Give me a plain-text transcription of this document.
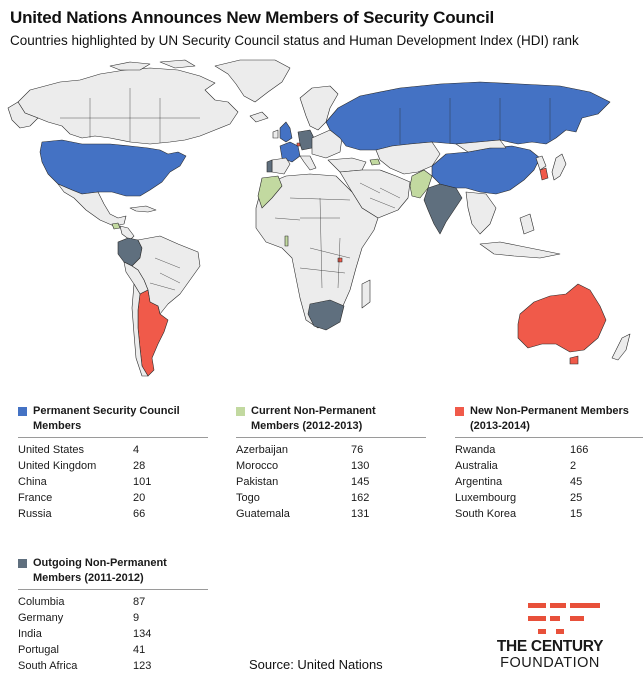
United Nations Announces New Members of Security Council
Countries highlighted by UN Security Council status and Human Development Index (HDI) rank
Permanent Security Council Members
United States	4
United Kingdom	28
China	101
France	20
Russia	66
Current Non-Permanent Members (2012-2013)
Azerbaijan	76
Morocco	130
Pakistan	145
Togo	162
Guatemala	131
New Non-Permanent Members (2013-2014)
Rwanda	166
Australia	2
Argentina	45
Luxembourg	25
South Korea	15
Outgoing Non-Permanent Members (2011-2012)
Columbia	87
Germany	9
India	134
Portugal	41
South Africa	123	Source: United Nations
THE CENTURY
FOUNDATION
